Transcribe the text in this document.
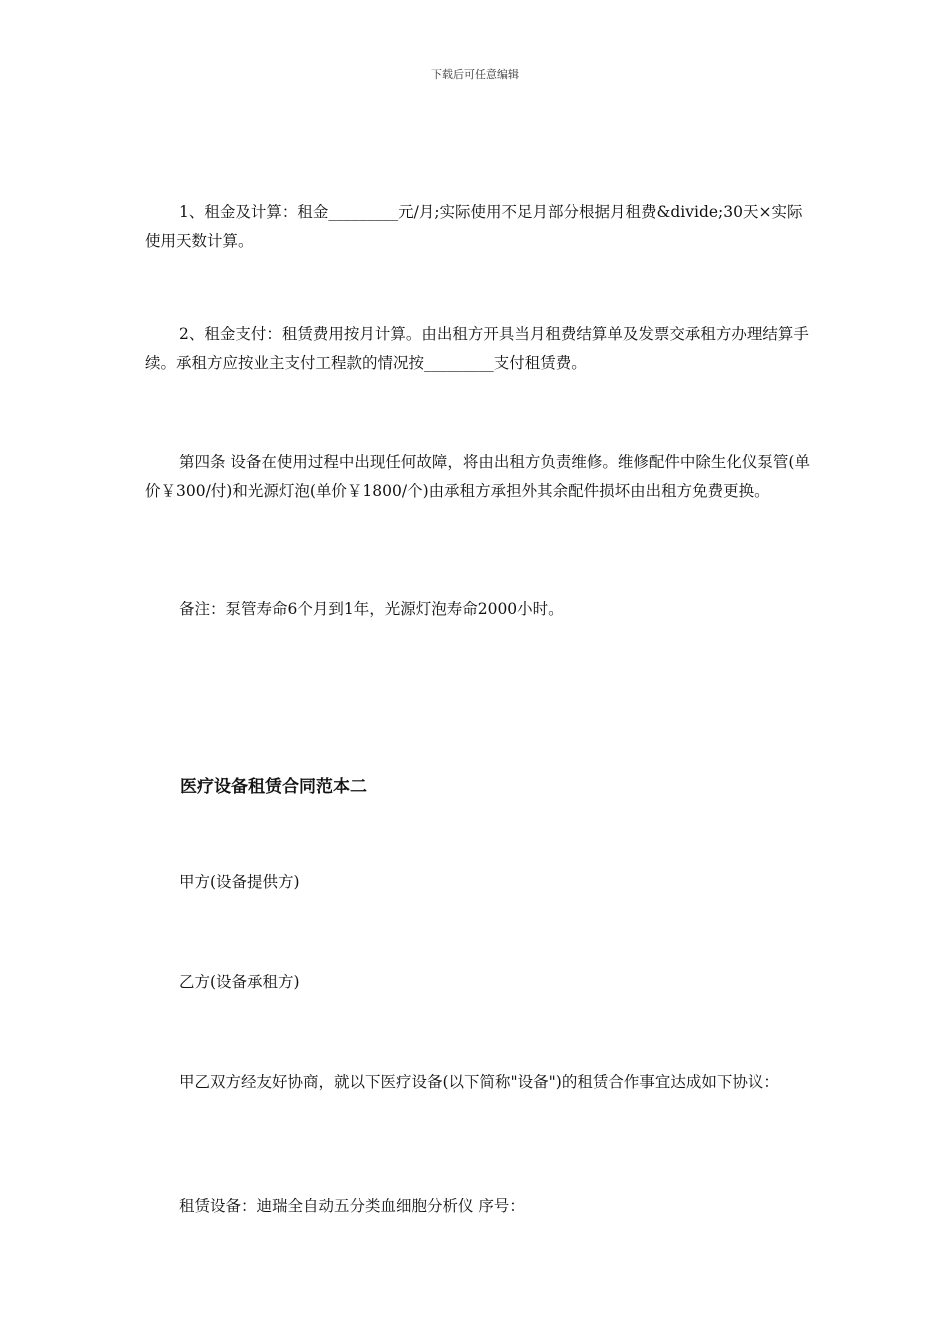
下载后可任意编辑

1、租金及计算：租金_________元/月;实际使用不足月部分根据月租费&divide;30天×实际使用天数计算。

2、租金支付：租赁费用按月计算。由出租方开具当月租费结算单及发票交承租方办理结算手续。承租方应按业主支付工程款的情况按_________支付租赁费。

第四条 设备在使用过程中出现任何故障，将由出租方负责维修。维修配件中除生化仪泵管(单价￥300/付)和光源灯泡(单价￥1800/个)由承租方承担外其余配件损坏由出租方免费更换。

备注：泵管寿命6个月到1年，光源灯泡寿命2000小时。

医疗设备租赁合同范本二

甲方(设备提供方)

乙方(设备承租方)

甲乙双方经友好协商，就以下医疗设备(以下简称"设备")的租赁合作事宜达成如下协议：

租赁设备：迪瑞全自动五分类血细胞分析仪 序号：
